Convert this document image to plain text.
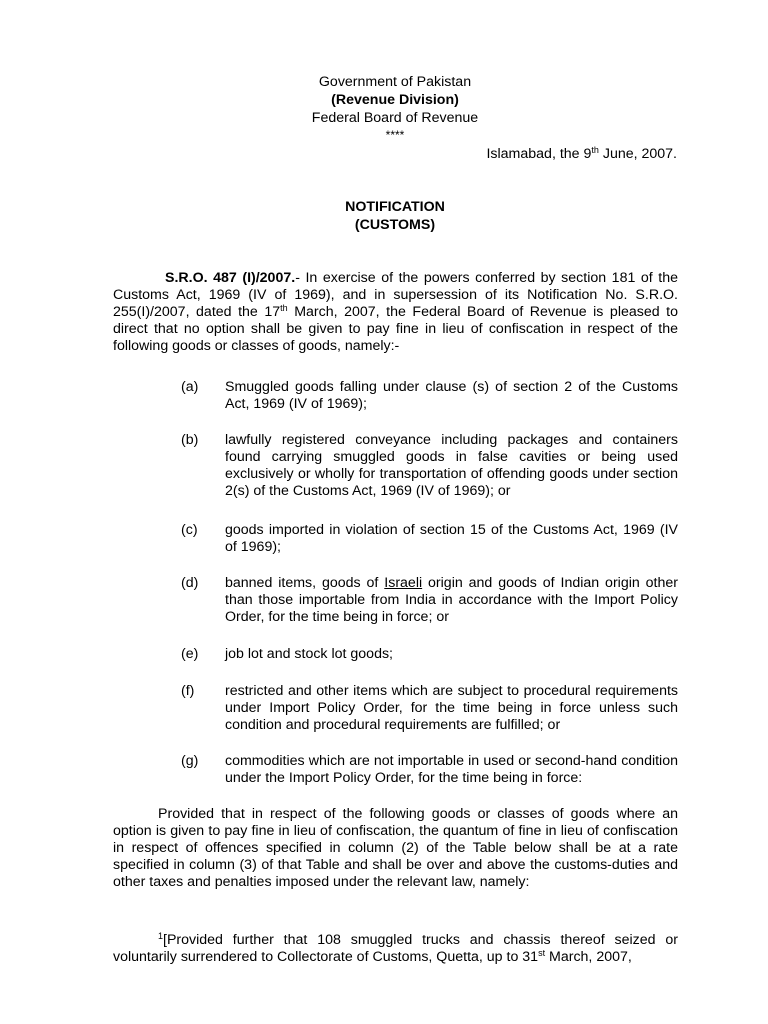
Government of Pakistan
(Revenue Division)
Federal Board of Revenue
****
Islamabad, the 9th June, 2007.
NOTIFICATION
(CUSTOMS)
S.R.O. 487 (I)/2007.- In exercise of the powers conferred by section 181 of the Customs Act, 1969 (IV of 1969), and in supersession of its Notification No. S.R.O. 255(I)/2007, dated the 17th March, 2007, the Federal Board of Revenue is pleased to direct that no option shall be given to pay fine in lieu of confiscation in respect of the following goods or classes of goods, namely:-
(a) Smuggled goods falling under clause (s) of section 2 of the Customs Act, 1969 (IV of 1969);
(b) lawfully registered conveyance including packages and containers found carrying smuggled goods in false cavities or being used exclusively or wholly for transportation of offending goods under section 2(s) of the Customs Act, 1969 (IV of 1969); or
(c) goods imported in violation of section 15 of the Customs Act, 1969 (IV of 1969);
(d) banned items, goods of Israeli origin and goods of Indian origin other than those importable from India in accordance with the Import Policy Order, for the time being in force; or
(e) job lot and stock lot goods;
(f) restricted and other items which are subject to procedural requirements under Import Policy Order, for the time being in force unless such condition and procedural requirements are fulfilled; or
(g) commodities which are not importable in used or second-hand condition under the Import Policy Order, for the time being in force:
Provided that in respect of the following goods or classes of goods where an option is given to pay fine in lieu of confiscation, the quantum of fine in lieu of confiscation in respect of offences specified in column (2) of the Table below shall be at a rate specified in column (3) of that Table and shall be over and above the customs-duties and other taxes and penalties imposed under the relevant law, namely:
$^1$[Provided further that 108 smuggled trucks and chassis thereof seized or voluntarily surrendered to Collectorate of Customs, Quetta, up to 31st March, 2007,
